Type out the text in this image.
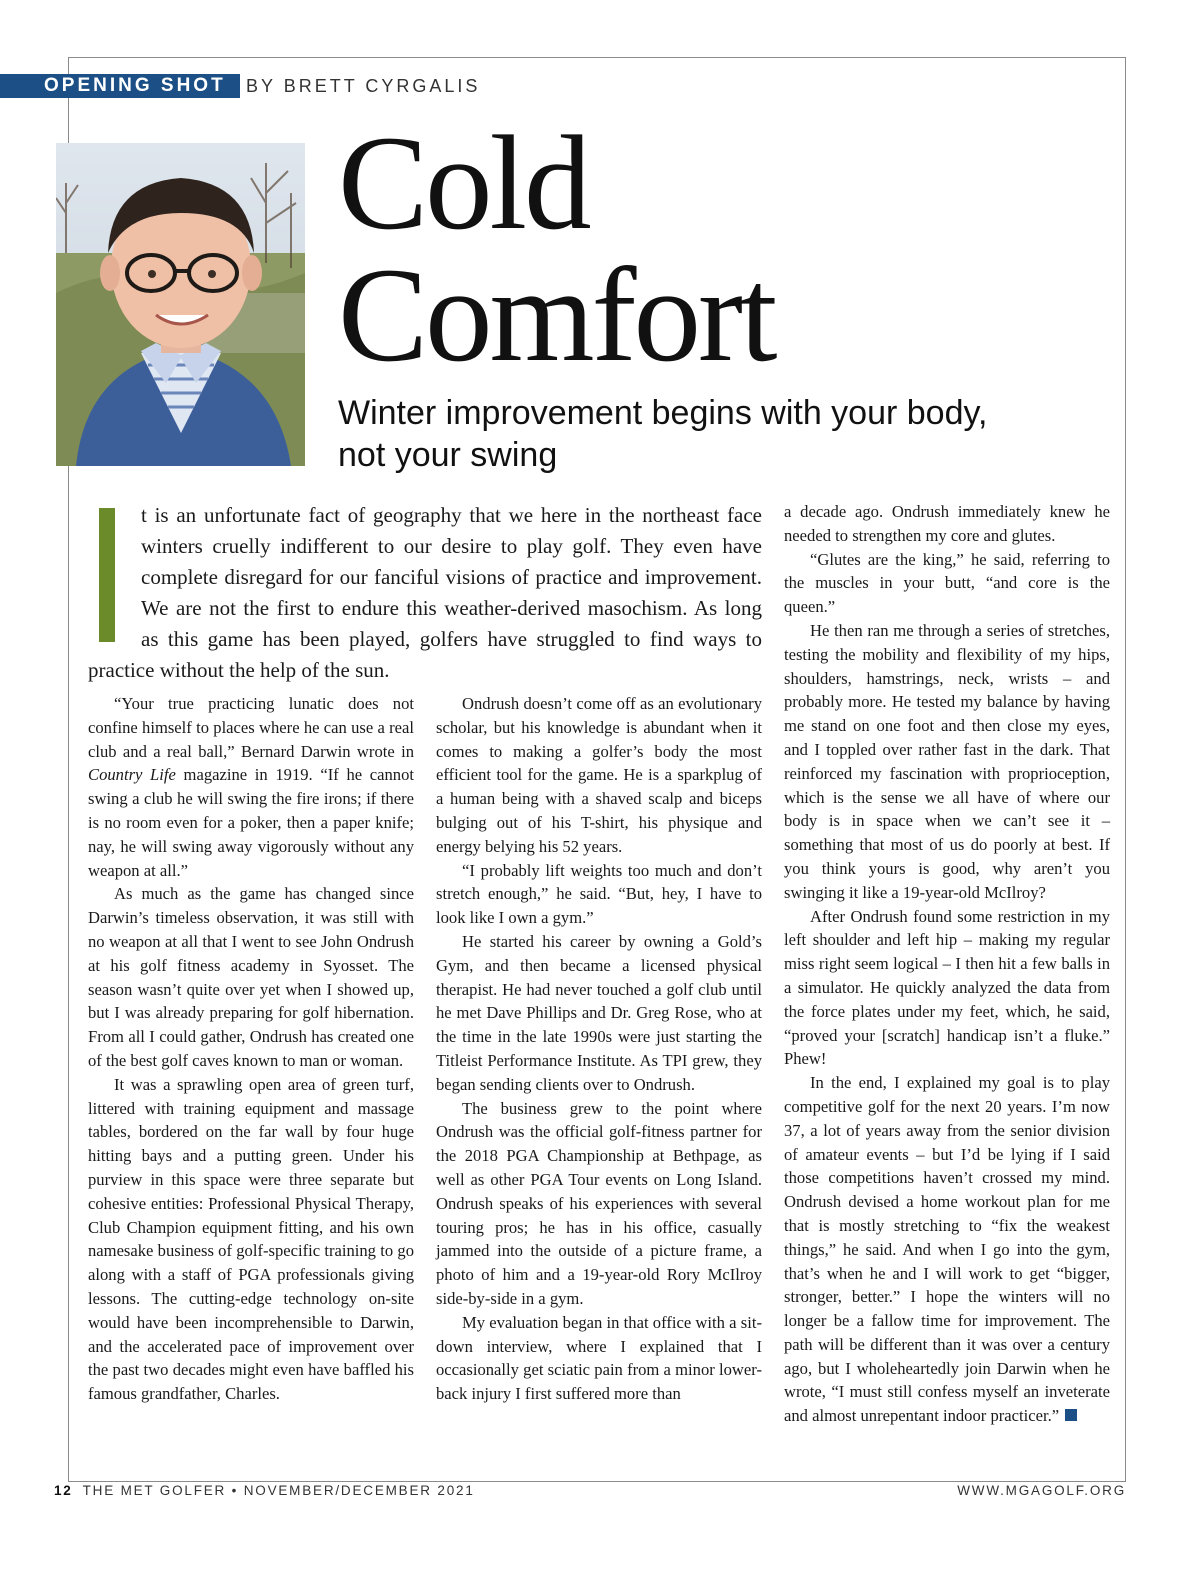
OPENING SHOT BY BRETT CYRGALIS
Cold
Comfort
Winter improvement begins with your body,
not your swing
I

t is an unfortunate fact of geography that we here in the northeast face
winters cruelly indifferent to our desire to play golf. They even have
complete disregard for our fanciful visions of practice and improvement.
We are not the first to endure this weather-derived masochism. As long
as this game has been played, golfers have struggled to find ways to
practice without the help of the sun.

“Your true practicing lunatic does not confine himself to places where he can use a real club and a real ball,” Bernard Darwin wrote in Country Life magazine in 1919. “If he cannot swing a club he will swing the fire irons; if there is no room even for a poker, then a paper knife; nay, he will swing away vigorously without any weapon at all.”

As much as the game has changed since Darwin’s timeless observation, it was still with no weapon at all that I went to see John Ondrush at his golf fitness academy in Syosset. The season wasn’t quite over yet when I showed up, but I was already preparing for golf hibernation. From all I could gather, Ondrush has created one of the best golf caves known to man or woman.

It was a sprawling open area of green turf, littered with training equipment and massage tables, bordered on the far wall by four huge hitting bays and a putting green. Under his purview in this space were three separate but cohesive entities: Professional Physical Therapy, Club Champion equipment fitting, and his own namesake business of golf-specific training to go along with a staff of PGA professionals giving lessons. The cutting-edge technology on-site would have been incomprehensible to Darwin, and the accelerated pace of improvement over the past two decades might even have baffled his famous grandfather, Charles.

Ondrush doesn’t come off as an evolutionary scholar, but his knowledge is abundant when it comes to making a golfer’s body the most efficient tool for the game. He is a sparkplug of a human being with a shaved scalp and biceps bulging out of his T-shirt, his physique and energy belying his 52 years.

“I probably lift weights too much and don’t stretch enough,” he said. “But, hey, I have to look like I own a gym.”

He started his career by owning a Gold’s Gym, and then became a licensed physical therapist. He had never touched a golf club until he met Dave Phillips and Dr. Greg Rose, who at the time in the late 1990s were just starting the Titleist Performance Institute. As TPI grew, they began sending clients over to Ondrush.

The business grew to the point where Ondrush was the official golf-fitness partner for the 2018 PGA Championship at Bethpage, as well as other PGA Tour events on Long Island. Ondrush speaks of his experiences with several touring pros; he has in his office, casually jammed into the outside of a picture frame, a photo of him and a 19-year-old Rory McIlroy side-by-side in a gym.

My evaluation began in that office with a sit-down interview, where I explained that I occasionally get sciatic pain from a minor lower-back injury I first suffered more than

a decade ago. Ondrush immediately knew he needed to strengthen my core and glutes.

“Glutes are the king,” he said, referring to the muscles in your butt, “and core is the queen.”

He then ran me through a series of stretches, testing the mobility and flexibility of my hips, shoulders, hamstrings, neck, wrists – and probably more. He tested my balance by having me stand on one foot and then close my eyes, and I toppled over rather fast in the dark. That reinforced my fascination with proprioception, which is the sense we all have of where our body is in space when we can’t see it – something that most of us do poorly at best. If you think yours is good, why aren’t you swinging it like a 19-year-old McIlroy?

After Ondrush found some restriction in my left shoulder and left hip – making my regular miss right seem logical – I then hit a few balls in a simulator. He quickly analyzed the data from the force plates under my feet, which, he said, “proved your [scratch] handicap isn’t a fluke.” Phew!

In the end, I explained my goal is to play competitive golf for the next 20 years. I’m now 37, a lot of years away from the senior division of amateur events – but I’d be lying if I said those competitions haven’t crossed my mind. Ondrush devised a home workout plan for me that is mostly stretching to “fix the weakest things,” he said. And when I go into the gym, that’s when he and I will work to get “bigger, stronger, better.” I hope the winters will no longer be a fallow time for improvement. The path will be different than it was over a century ago, but I wholeheartedly join Darwin when he wrote, “I must still confess myself an inveterate and almost unrepentant indoor practicer.”

12 THE MET GOLFER • NOVEMBER/DECEMBER 2021	WWW.MGAGOLF.ORG
